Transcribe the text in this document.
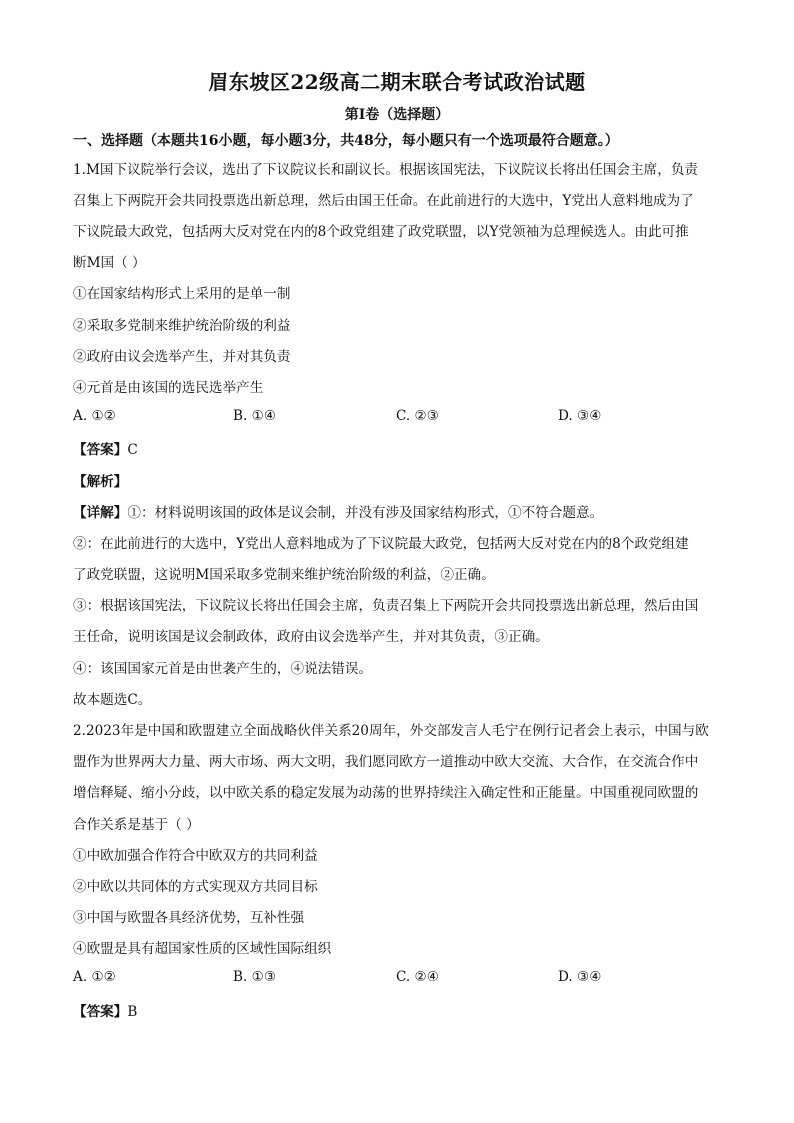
眉东坡区22级高二期末联合考试政治试题
第Ⅰ卷（选择题）
一、选择题（本题共16小题，每小题3分，共48分，每小题只有一个选项最符合题意。）
1.M国下议院举行会议，选出了下议院议长和副议长。根据该国宪法，下议院议长将出任国会主席，负责
召集上下两院开会共同投票选出新总理，然后由国王任命。在此前进行的大选中，Y党出人意料地成为了
下议院最大政党，包括两大反对党在内的8个政党组建了政党联盟，以Y党领袖为总理候选人。由此可推
断M国（ ）
①在国家结构形式上采用的是单一制
②采取多党制来维护统治阶级的利益
②政府由议会选举产生，并对其负责
④元首是由该国的选民选举产生
A. ①②	B. ①④	C. ②③	D. ③④
【答案】C
【解析】
【详解】①：材料说明该国的政体是议会制，并没有涉及国家结构形式，①不符合题意。
②：在此前进行的大选中，Y党出人意料地成为了下议院最大政党，包括两大反对党在内的8个政党组建
了政党联盟，这说明M国采取多党制来维护统治阶级的利益，②正确。
③：根据该国宪法，下议院议长将出任国会主席，负责召集上下两院开会共同投票选出新总理，然后由国
王任命，说明该国是议会制政体，政府由议会选举产生，并对其负责，③正确。
④：该国国家元首是由世袭产生的，④说法错误。
故本题选C。
2.2023年是中国和欧盟建立全面战略伙伴关系20周年，外交部发言人毛宁在例行记者会上表示，中国与欧
盟作为世界两大力量、两大市场、两大文明，我们愿同欧方一道推动中欧大交流、大合作，在交流合作中
增信释疑、缩小分歧，以中欧关系的稳定发展为动荡的世界持续注入确定性和正能量。中国重视同欧盟的
合作关系是基于（ ）
①中欧加强合作符合中欧双方的共同利益
②中欧以共同体的方式实现双方共同目标
③中国与欧盟各具经济优势，互补性强
④欧盟是具有超国家性质的区域性国际组织
A. ①②	B. ①③	C. ②④	D. ③④
【答案】B
